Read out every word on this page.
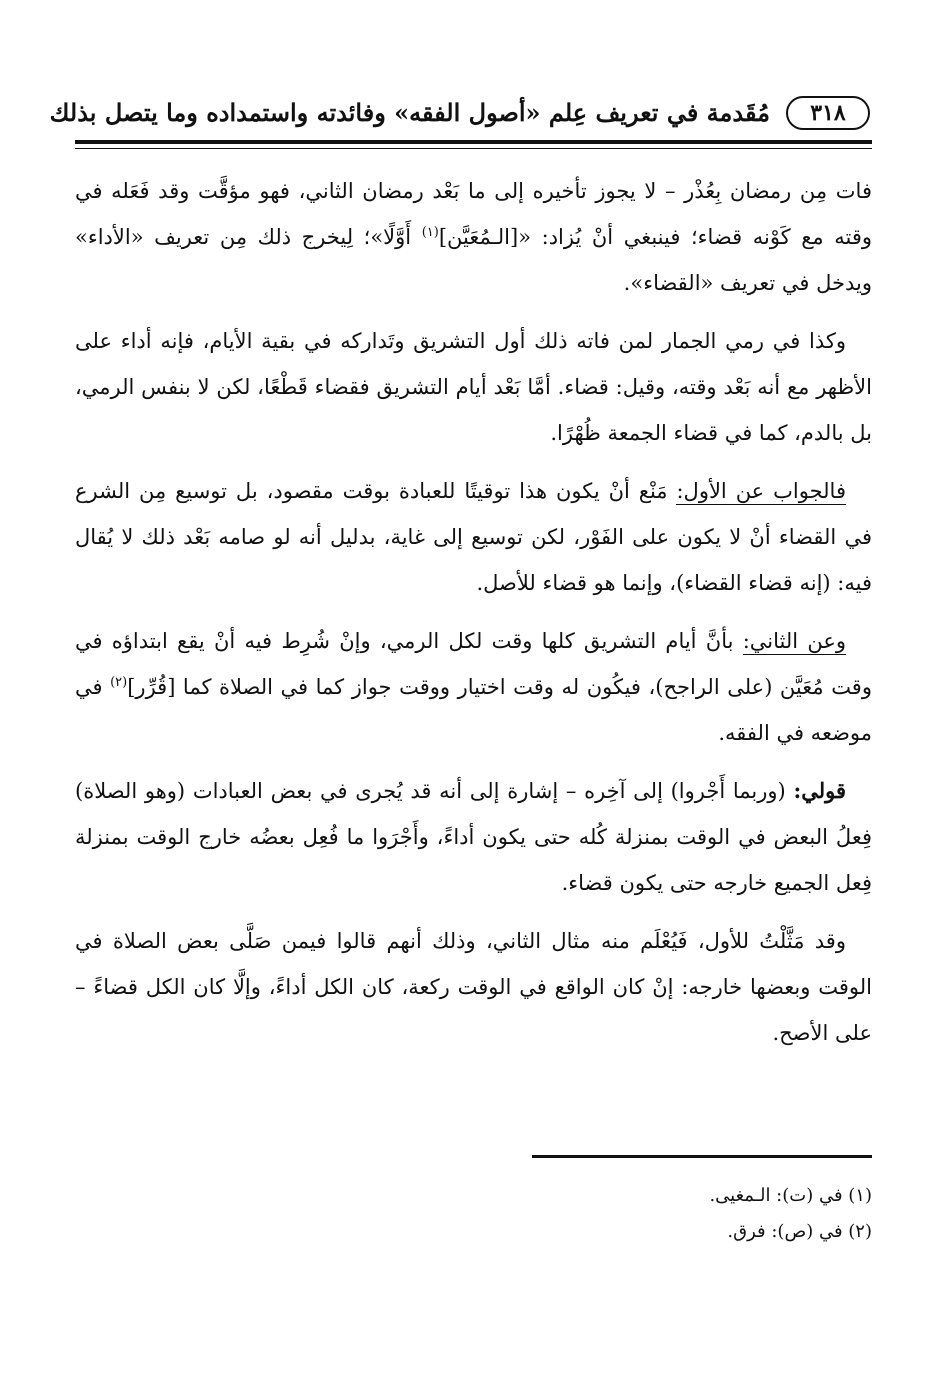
٣١٨
مُقَدمة في تعريف عِلم «أصول الفقه» وفائدته واستمداده وما يتصل بذلك

فات مِن رمضان بِعُذْر – لا يجوز تأخيره إلى ما بَعْد رمضان الثاني، فهو مؤقَّت وقد فَعَله في وقته مع كَوْنه قضاء؛ فينبغي أنْ يُزاد: «[الـمُعَيَّن]$^{(١)}$ أَوَّلًا»؛ لِيخرج ذلك مِن تعريف «الأداء» ويدخل في تعريف «القضاء».

وكذا في رمي الجمار لمن فاته ذلك أول التشريق وتَداركه في بقية الأيام، فإنه أداء على الأظهر مع أنه بَعْد وقته، وقيل: قضاء. أمَّا بَعْد أيام التشريق فقضاء قَطْعًا، لكن لا بنفس الرمي، بل بالدم، كما في قضاء الجمعة ظُهْرًا.

فالجواب عن الأول: مَنْع أنْ يكون هذا توقيتًا للعبادة بوقت مقصود، بل توسيع مِن الشرع في القضاء أنْ لا يكون على الفَوْر، لكن توسيع إلى غاية، بدليل أنه لو صامه بَعْد ذلك لا يُقال فيه: (إنه قضاء القضاء)، وإنما هو قضاء للأصل.

وعن الثاني: بأنَّ أيام التشريق كلها وقت لكل الرمي، وإنْ شُرِط فيه أنْ يقع ابتداؤه في وقت مُعَيَّن (على الراجح)، فيكُون له وقت اختيار ووقت جواز كما في الصلاة كما [قُرِّر]$^{(٢)}$ في موضعه في الفقه.

قولي: (وربما أَجْروا) إلى آخِره – إشارة إلى أنه قد يُجرى في بعض العبادات (وهو الصلاة) فِعلُ البعض في الوقت بمنزلة كُله حتى يكون أداءً، وأَجْرَوا ما فُعِل بعضُه خارج الوقت بمنزلة فِعل الجميع خارجه حتى يكون قضاء.

وقد مَثَّلْتُ للأول، فَيُعْلَم منه مثال الثاني، وذلك أنهم قالوا فيمن صَلَّى بعض الصلاة في الوقت وبعضها خارجه: إنْ كان الواقع في الوقت ركعة، كان الكل أداءً، وإلَّا كان الكل قضاءً – على الأصح.

(١) في (ت): الـمغيى.

(٢) في (ص): فرق.
